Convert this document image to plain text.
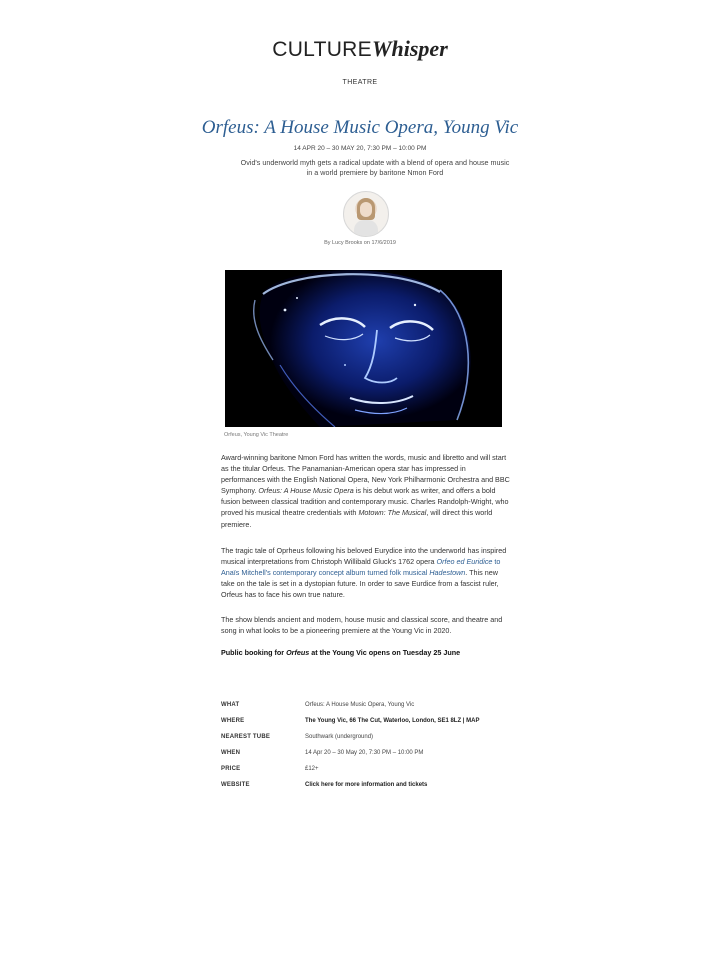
CULTUREWhisper
THEATRE
Orfeus: A House Music Opera, Young Vic
14 APR 20 – 30 MAY 20, 7:30 PM – 10:00 PM
Ovid's underworld myth gets a radical update with a blend of opera and house music in a world premiere by baritone Nmon Ford
By Lucy Brooks on 17/6/2019
Orfeus, Young Vic Theatre

Award-winning baritone Nmon Ford has written the words, music and libretto and will start as the titular Orfeus. The Panamanian-American opera star has impressed in performances with the English National Opera, New York Philharmonic Orchestra and BBC Symphony. Orfeus: A House Music Opera is his debut work as writer, and offers a bold fusion between classical tradition and contemporary music. Charles Randolph-Wright, who proved his musical theatre credentials with Motown: The Musical, will direct this world premiere.

The tragic tale of Oprheus following his beloved Eurydice into the underworld has inspired musical interpretations from Christoph Willibald Gluck's 1762 opera Orfeo ed Euridice to Anaïs Mitchell's contemporary concept album turned folk musical Hadestown. This new take on the tale is set in a dystopian future. In order to save Eurdice from a fascist ruler, Orfeus has to face his own true nature.

The show blends ancient and modern, house music and classical score, and theatre and song in what looks to be a pioneering premiere at the Young Vic in 2020.

Public booking for Orfeus at the Young Vic opens on Tuesday 25 June
WHAT	Orfeus: A House Music Opera, Young Vic
WHERE	The Young Vic, 66 The Cut, Waterloo, London, SE1 8LZ | MAP
NEAREST TUBE	Southwark (underground)
WHEN	14 Apr 20 – 30 May 20, 7:30 PM – 10:00 PM
PRICE	£12+
WEBSITE	Click here for more information and tickets
